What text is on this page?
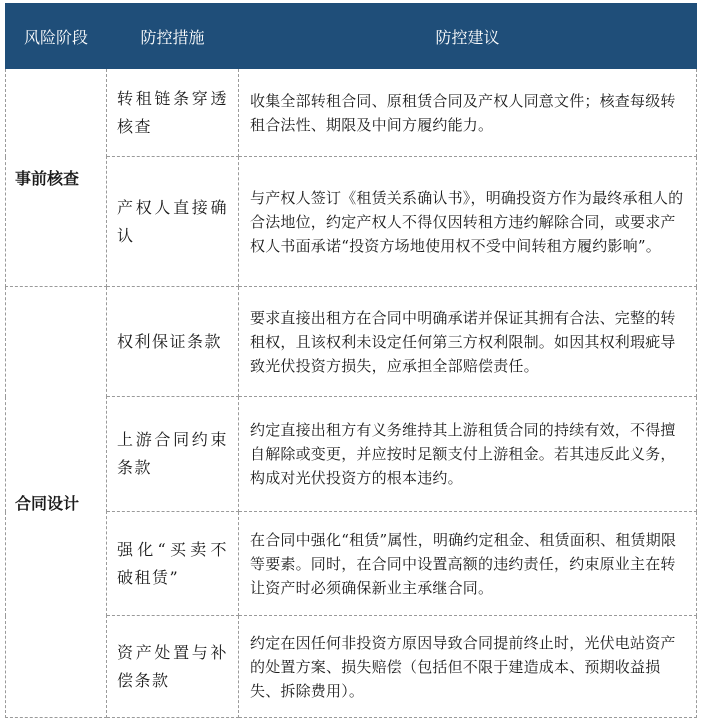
风险阶段	防控措施	防控建议
事前核查	转租链条穿透核查	收集全部转租合同、原租赁合同及产权人同意文件；核查每级转租合法性、期限及中间方履约能力。
	产权人直接确认	与产权人签订《租赁关系确认书》，明确投资方作为最终承租人的合法地位，约定产权人不得仅因转租方违约解除合同，或要求产权人书面承诺“投资方场地使用权不受中间转租方履约影响”。
合同设计	权利保证条款	要求直接出租方在合同中明确承诺并保证其拥有合法、完整的转租权，且该权利未设定任何第三方权利限制。如因其权利瑕疵导致光伏投资方损失，应承担全部赔偿责任。
	上游合同约束条款	约定直接出租方有义务维持其上游租赁合同的持续有效，不得擅自解除或变更，并应按时足额支付上游租金。若其违反此义务，构成对光伏投资方的根本违约。
	强化“买卖不破租赁”	在合同中强化“租赁”属性，明确约定租金、租赁面积、租赁期限等要素。同时，在合同中设置高额的违约责任，约束原业主在转让资产时必须确保新业主承继合同。
	资产处置与补偿条款	约定在因任何非投资方原因导致合同提前终止时，光伏电站资产的处置方案、损失赔偿（包括但不限于建造成本、预期收益损失、拆除费用）。
